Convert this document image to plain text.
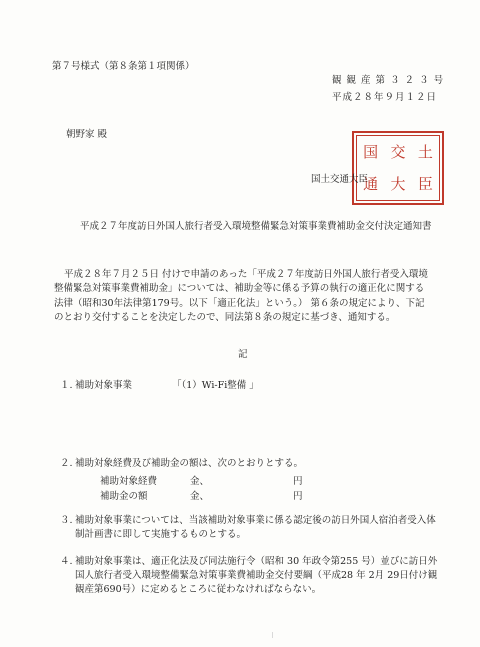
第７号様式（第８条第１項関係）
観 観 産 第 ３ ２ ３ 号
平成２８年９月１２日
朝野家 殿
国 交 土
通 大 臣
国土交通大臣
平成２７年度訪日外国人旅行者受入環境整備緊急対策事業費補助金交付決定通知書
平成２８年７月２５日 付けで申請のあった「平成２７年度訪日外国人旅行者受入環境整備緊急対策事業費補助金」については、補助金等に係る予算の執行の適正化に関する法律（昭和30年法律第179号。以下「適正化法」という。） 第６条の規定により、下記のとおり交付することを決定したので、同法第８条の規定に基づき、通知する。
記
１. 補助対象事業	「（1）Wi-Fi整備 」
２. 補助対象経費及び補助金の額は、次のとおりとする。
補助対象経費	金、	円
補助金の額	金、	円
３. 補助対象事業については、当該補助対象事業に係る認定後の訪日外国人宿泊者受入体制計画書に即して実施するものとする。
４. 補助対象事業は、適正化法及び同法施行令（昭和 30 年政令第255 号）並びに訪日外国人旅行者受入環境整備緊急対策事業費補助金交付要綱（平成28 年 2月 29日付け観観産第690号）に定めるところに従わなければならない。
